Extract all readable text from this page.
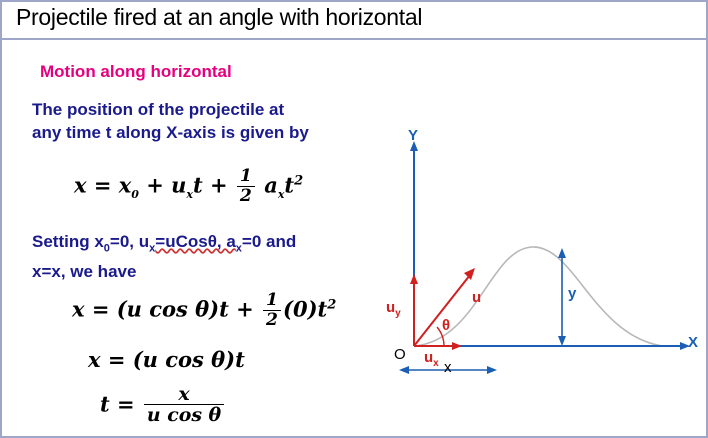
Projectile fired at an angle with horizontal
Motion along horizontal
The position of the projectile at
any time t along X-axis is given by
$x = x_0 + u_xt + \frac{1}{2} a_xt^2$
Setting $x_0=0$, $u_x=uCos\theta$, $a_x=0$ and
x=x, we have
x = (u $\cos \theta)t + \frac{1}{2} (0)t^2$
x = (u cos θ)t
$t = \frac{x}{\text{u cos θ}}$
Y
X
O
u
$u_y$
$u_x$
θ
y
x
